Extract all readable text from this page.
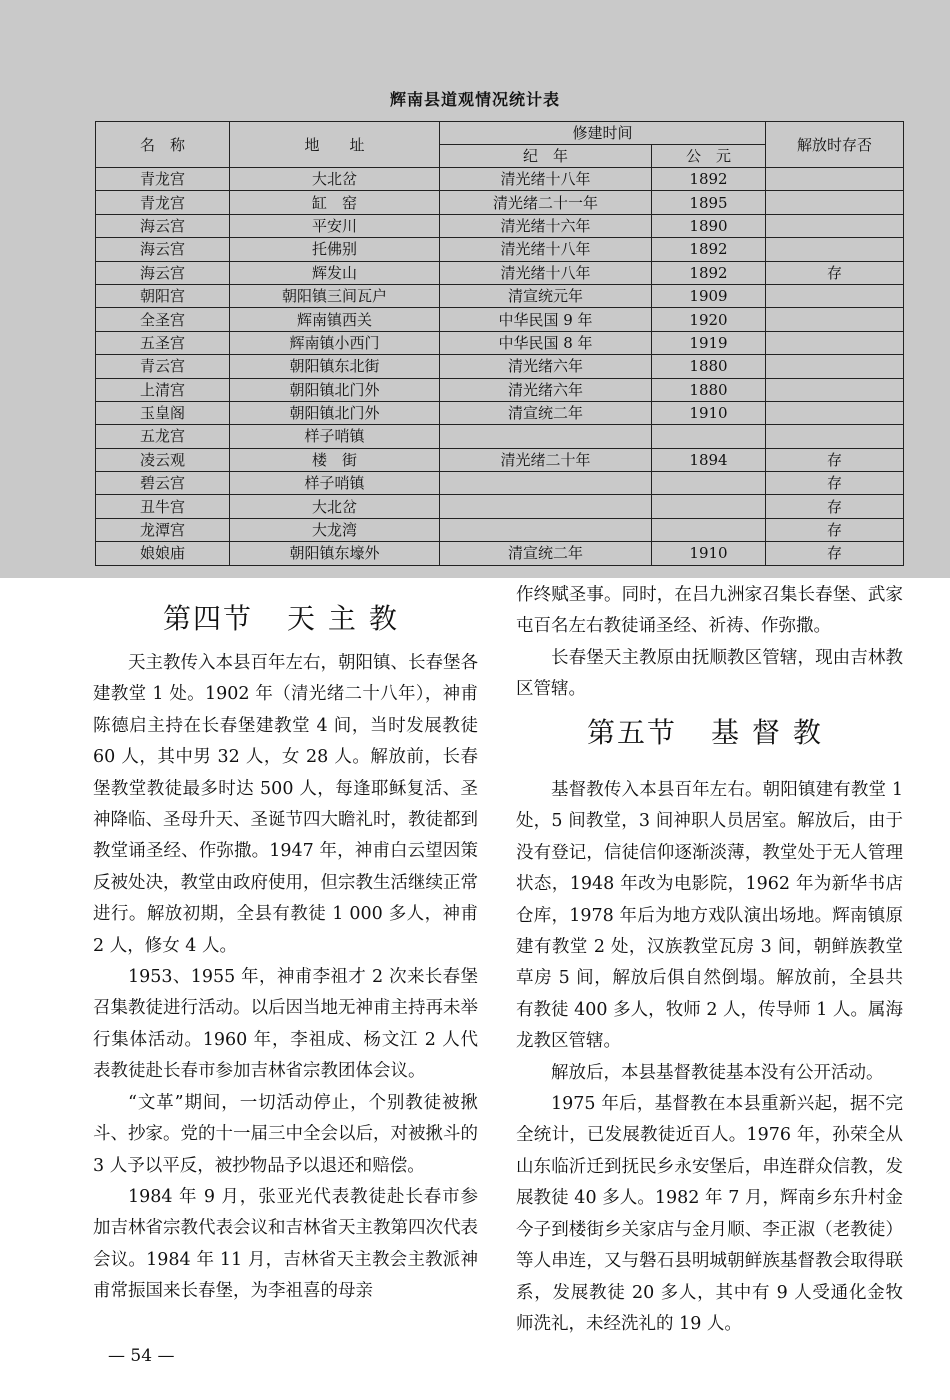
辉南县道观情况统计表
名　称	地　　址	修建时间		解放时存否
		纪　年	公　元	
青龙宫	大北岔	清光绪十八年	1892	
青龙宫	缸　窑	清光绪二十一年	1895	
海云宫	平安川	清光绪十六年	1890	
海云宫	托佛别	清光绪十八年	1892	
海云宫	辉发山	清光绪十八年	1892	存
朝阳宫	朝阳镇三间瓦户	清宣统元年	1909	
全圣宫	辉南镇西关	中华民国 9 年	1920	
五圣宫	辉南镇小西门	中华民国 8 年	1919	
青云宫	朝阳镇东北街	清光绪六年	1880	
上清宫	朝阳镇北门外	清光绪六年	1880	
玉皇阁	朝阳镇北门外	清宣统二年	1910	
五龙宫	样子哨镇			
凌云观	楼　街	清光绪二十年	1894	存
碧云宫	样子哨镇			存
丑牛宫	大北岔			存
龙潭宫	大龙湾			存
娘娘庙	朝阳镇东壕外	清宣统二年	1910	存
第四节 天 主 教

天主教传入本县百年左右，朝阳镇、长春堡各建教堂 1 处。1902 年（清光绪二十八年），神甫陈德启主持在长春堡建教堂 4 间，当时发展教徒 60 人，其中男 32 人，女 28 人。解放前，长春堡教堂教徒最多时达 500 人，每逢耶稣复活、圣神降临、圣母升天、圣诞节四大瞻礼时，教徒都到教堂诵圣经、作弥撒。1947 年，神甫白云望因策反被处决，教堂由政府使用，但宗教生活继续正常进行。解放初期，全县有教徒 1 000 多人，神甫 2 人，修女 4 人。

1953、1955 年，神甫李祖才 2 次来长春堡召集教徒进行活动。以后因当地无神甫主持再未举行集体活动。1960 年，李祖成、杨文江 2 人代表教徒赴长春市参加吉林省宗教团体会议。

“文革”期间，一切活动停止，个别教徒被揪斗、抄家。党的十一届三中全会以后，对被揪斗的 3 人予以平反，被抄物品予以退还和赔偿。

1984 年 9 月，张亚光代表教徒赴长春市参加吉林省宗教代表会议和吉林省天主教第四次代表会议。1984 年 11 月，吉林省天主教会主教派神甫常振国来长春堡，为李祖喜的母亲

作终赋圣事。同时，在吕九洲家召集长春堡、武家屯百名左右教徒诵圣经、祈祷、作弥撒。

长春堡天主教原由抚顺教区管辖，现由吉林教区管辖。

第五节 基 督 教

基督教传入本县百年左右。朝阳镇建有教堂 1 处，5 间教堂，3 间神职人员居室。解放后，由于没有登记，信徒信仰逐渐淡薄，教堂处于无人管理状态，1948 年改为电影院，1962 年为新华书店仓库，1978 年后为地方戏队演出场地。辉南镇原建有教堂 2 处，汉族教堂瓦房 3 间，朝鲜族教堂草房 5 间，解放后俱自然倒塌。解放前，全县共有教徒 400 多人，牧师 2 人，传导师 1 人。属海龙教区管辖。

解放后，本县基督教徒基本没有公开活动。

1975 年后，基督教在本县重新兴起，据不完全统计，已发展教徒近百人。1976 年，孙荣全从山东临沂迁到抚民乡永安堡后，串连群众信教，发展教徒 40 多人。1982 年 7 月，辉南乡东升村金今子到楼街乡关家店与金月顺、李正淑（老教徒）等人串连，又与磐石县明城朝鲜族基督教会取得联系，发展教徒 20 多人，其中有 9 人受通化金牧师洗礼，未经洗礼的 19 人。

— 54 —
